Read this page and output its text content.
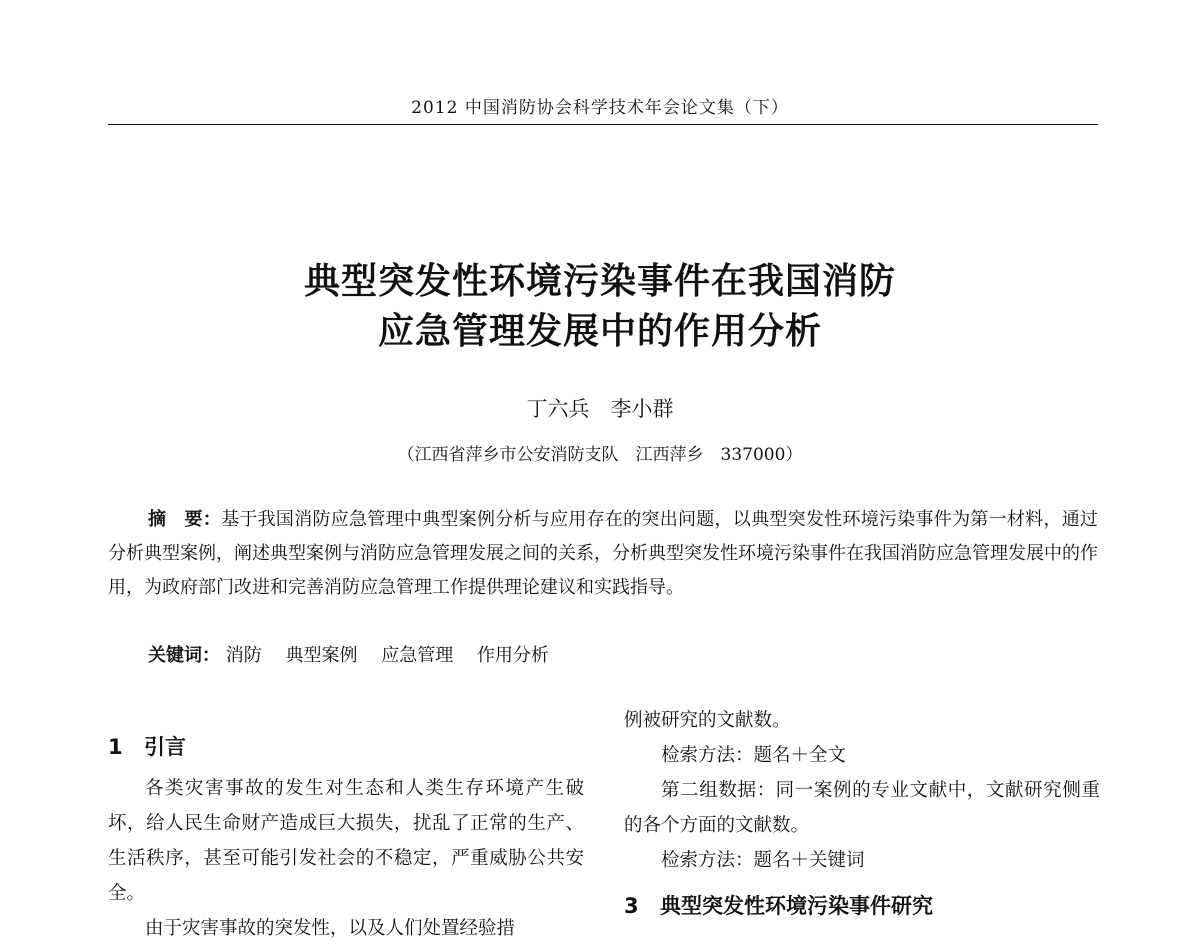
2012 中国消防协会科学技术年会论文集（下）
典型突发性环境污染事件在我国消防
应急管理发展中的作用分析
丁六兵　李小群
（江西省萍乡市公安消防支队　江西萍乡　337000）
摘　要：基于我国消防应急管理中典型案例分析与应用存在的突出问题，以典型突发性环境污染事件为第一材料，通过分析典型案例，阐述典型案例与消防应急管理发展之间的关系，分析典型突发性环境污染事件在我国消防应急管理发展中的作用，为政府部门改进和完善消防应急管理工作提供理论建议和实践指导。
关键词： 消防 典型案例 应急管理 作用分析
1 引言

各类灾害事故的发生对生态和人类生存环境产生破坏，给人民生命财产造成巨大损失，扰乱了正常的生产、生活秩序，甚至可能引发社会的不稳定，严重威胁公共安全。

由于灾害事故的突发性，以及人们处置经验措

例被研究的文献数。

检索方法：题名＋全文

第二组数据：同一案例的专业文献中，文献研究侧重的各个方面的文献数。

检索方法：题名＋关键词

3 典型突发性环境污染事件研究
